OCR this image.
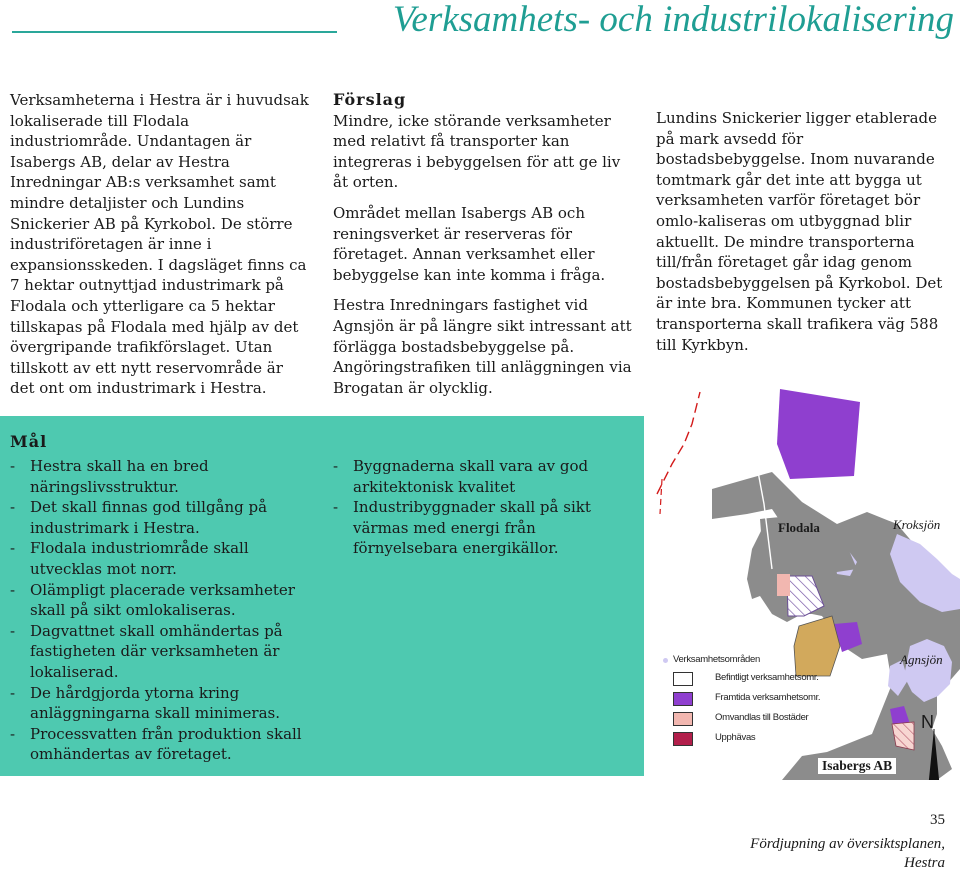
Verksamhets- och industrilokalisering

Verksamheterna i Hestra är i huvudsak lokaliserade till Flodala industriområde. Undantagen är Isabergs AB, delar av Hestra Inredningar AB:s verksamhet samt mindre detaljister och Lundins Snickerier AB på Kyrkobol. De större industriföretagen är inne i expansionsskeden. I dagsläget finns ca 7 hektar outnyttjad industrimark på Flodala och ytterligare ca 5 hektar tillskapas på Flodala med hjälp av det övergripande trafikförslaget. Utan tillskott av ett nytt reservområde är det ont om industrimark i Hestra.

Förslag

Mindre, icke störande verksamheter med relativt få transporter kan integreras i bebyggelsen för att ge liv åt orten.

Området mellan Isabergs AB och reningsverket är reserveras för företaget. Annan verksamhet eller bebyggelse kan inte komma i fråga.

Hestra Inredningars fastighet vid Agnsjön är på längre sikt intressant att förlägga bostadsbebyggelse på. Angöringstrafiken till anläggningen via Brogatan är olycklig.

Lundins Snickerier ligger etablerade på mark avsedd för bostadsbebyggelse. Inom nuvarande tomtmark går det inte att bygga ut verksamheten varför företaget bör omlo-kaliseras om utbyggnad blir aktuellt. De mindre transporterna till/från företaget går idag genom bostadsbebyggelsen på Kyrkobol. Det är inte bra. Kommunen tycker att transporterna skall trafikera väg 588 till Kyrkbyn.

Mål

- Hestra skall ha en bred näringslivsstruktur.
- Det skall finnas god tillgång på industrimark i Hestra.
- Flodala industriområde skall utvecklas mot norr.
- Olämpligt placerade verksamheter skall på sikt omlokaliseras.
- Dagvattnet skall omhändertas på fastigheten där verksamheten är lokaliserad.
- De hårdgjorda ytorna kring anläggningarna skall minimeras.
- Processvatten från produktion skall omhändertas av företaget.
- Byggnaderna skall vara av god arkitektonisk kvalitet
- Industribyggnader skall på sikt värmas med energi från förnyelsebara energikällor.
Flodala	Kroksjön
Agnsjön
Isabergs AB
N
Verksamhetsområden
Befintligt verksamhetsomr.
Framtida verksamhetsomr.
Omvandlas till Bostäder
Upphävas
35
Fördjupning av översiktsplanen, Hestra
